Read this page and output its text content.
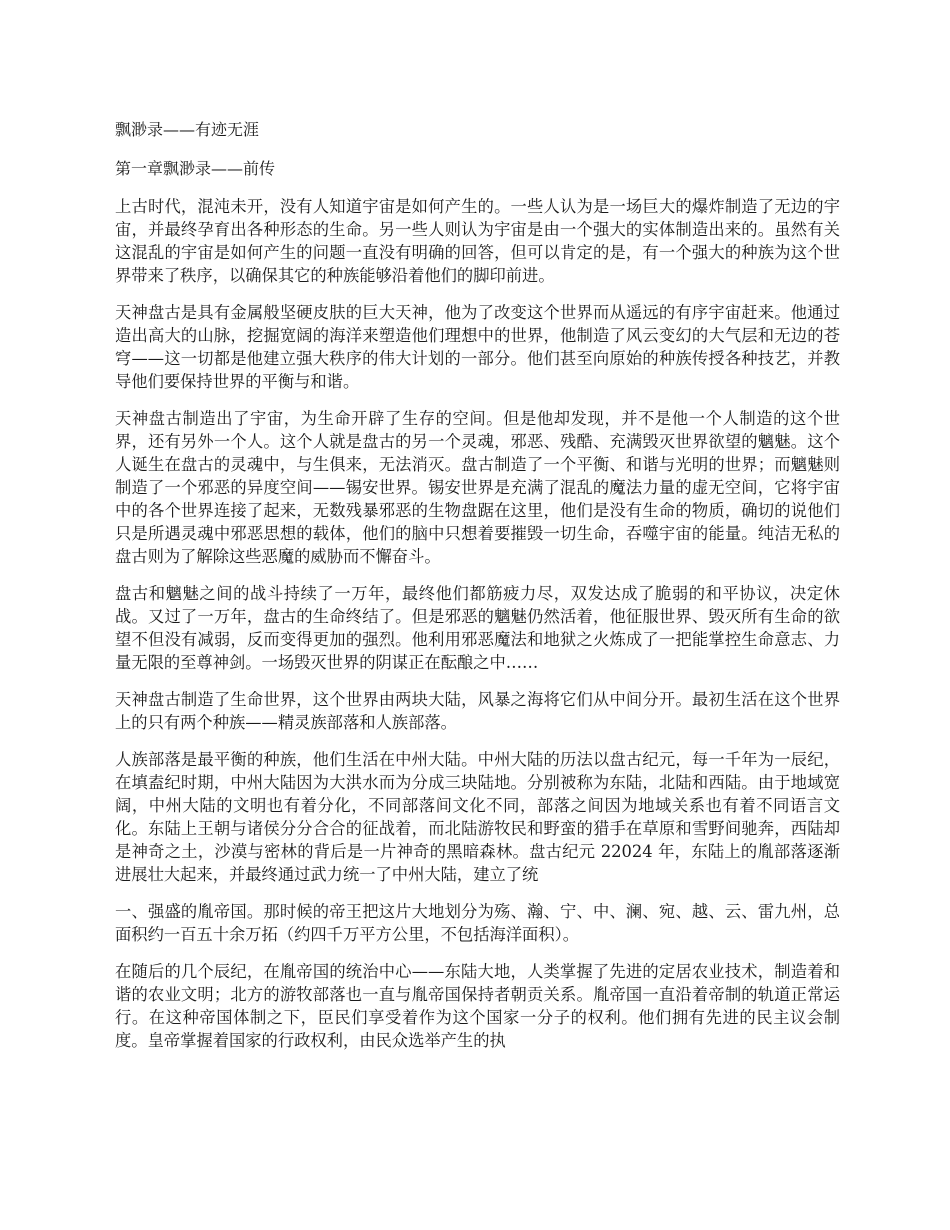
飘渺录——有迹无涯

第一章飘渺录——前传

上古时代，混沌未开，没有人知道宇宙是如何产生的。一些人认为是一场巨大的爆炸制造了无边的宇宙，并最终孕育出各种形态的生命。另一些人则认为宇宙是由一个强大的实体制造出来的。虽然有关这混乱的宇宙是如何产生的问题一直没有明确的回答，但可以肯定的是，有一个强大的种族为这个世界带来了秩序，以确保其它的种族能够沿着他们的脚印前进。

天神盘古是具有金属般坚硬皮肤的巨大天神，他为了改变这个世界而从遥远的有序宇宙赶来。他通过造出高大的山脉，挖掘宽阔的海洋来塑造他们理想中的世界，他制造了风云变幻的大气层和无边的苍穹——这一切都是他建立强大秩序的伟大计划的一部分。他们甚至向原始的种族传授各种技艺，并教导他们要保持世界的平衡与和谐。

天神盘古制造出了宇宙，为生命开辟了生存的空间。但是他却发现，并不是他一个人制造的这个世界，还有另外一个人。这个人就是盘古的另一个灵魂，邪恶、残酷、充满毁灭世界欲望的魑魅。这个人诞生在盘古的灵魂中，与生俱来，无法消灭。盘古制造了一个平衡、和谐与光明的世界；而魑魅则制造了一个邪恶的异度空间——锡安世界。锡安世界是充满了混乱的魔法力量的虚无空间，它将宇宙中的各个世界连接了起来，无数残暴邪恶的生物盘踞在这里，他们是没有生命的物质，确切的说他们只是所遇灵魂中邪恶思想的载体，他们的脑中只想着要摧毁一切生命，吞噬宇宙的能量。纯洁无私的盘古则为了解除这些恶魔的威胁而不懈奋斗。

盘古和魑魅之间的战斗持续了一万年，最终他们都筋疲力尽，双发达成了脆弱的和平协议，决定休战。又过了一万年，盘古的生命终结了。但是邪恶的魑魅仍然活着，他征服世界、毁灭所有生命的欲望不但没有减弱，反而变得更加的强烈。他利用邪恶魔法和地狱之火炼成了一把能掌控生命意志、力量无限的至尊神剑。一场毁灭世界的阴谋正在酝酿之中……

天神盘古制造了生命世界，这个世界由两块大陆，风暴之海将它们从中间分开。最初生活在这个世界上的只有两个种族——精灵族部落和人族部落。

人族部落是最平衡的种族，他们生活在中州大陆。中州大陆的历法以盘古纪元，每一千年为一辰纪，在填盍纪时期，中州大陆因为大洪水而为分成三块陆地。分别被称为东陆，北陆和西陆。由于地域宽阔，中州大陆的文明也有着分化，不同部落间文化不同，部落之间因为地域关系也有着不同语言文化。东陆上王朝与诸侯分分合合的征战着，而北陆游牧民和野蛮的猎手在草原和雪野间驰奔，西陆却是神奇之土，沙漠与密林的背后是一片神奇的黑暗森林。盘古纪元 22024 年，东陆上的胤部落逐渐进展壮大起来，并最终通过武力统一了中州大陆，建立了统

一、强盛的胤帝国。那时候的帝王把这片大地划分为殇、瀚、宁、中、澜、宛、越、云、雷九州，总面积约一百五十余万拓（约四千万平方公里，不包括海洋面积）。

在随后的几个辰纪，在胤帝国的统治中心——东陆大地，人类掌握了先进的定居农业技术，制造着和谐的农业文明；北方的游牧部落也一直与胤帝国保持者朝贡关系。胤帝国一直沿着帝制的轨道正常运行。在这种帝国体制之下，臣民们享受着作为这个国家一分子的权利。他们拥有先进的民主议会制度。皇帝掌握着国家的行政权利，由民众选举产生的执
